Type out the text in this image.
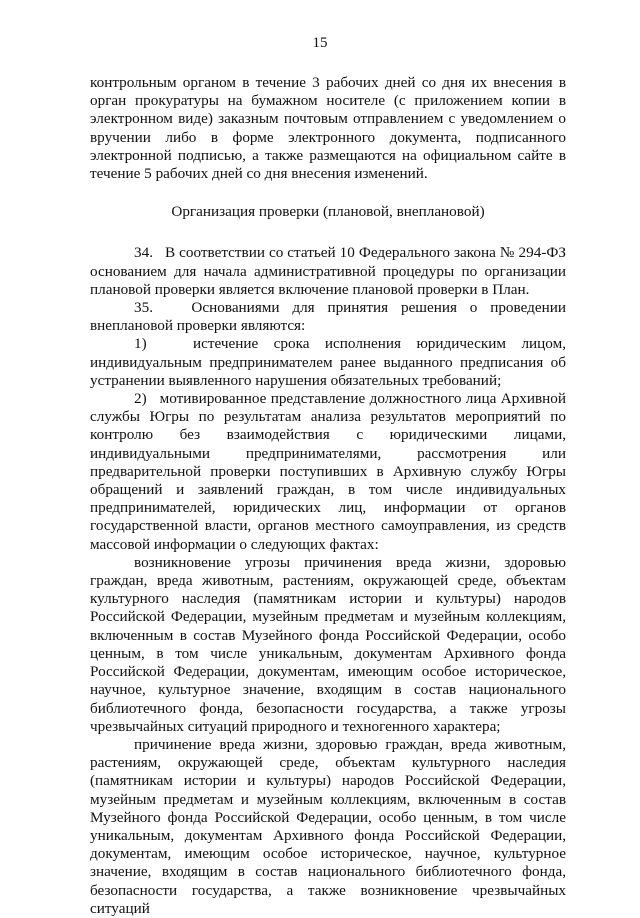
15

контрольным органом в течение 3 рабочих дней со дня их внесения в орган прокуратуры на бумажном носителе (с приложением копии в электронном виде) заказным почтовым отправлением с уведомлением о вручении либо в форме электронного документа, подписанного электронной подписью, а также размещаются на официальном сайте в течение 5 рабочих дней со дня внесения изменений.

Организация проверки (плановой, внеплановой)

34.   В соответствии со статьей 10 Федерального закона № 294-ФЗ основанием для начала административной процедуры по организации плановой проверки является включение плановой проверки в План.

35.   Основаниями для принятия решения о проведении внеплановой проверки являются:

1)   истечение срока исполнения юридическим лицом, индивидуальным предпринимателем ранее выданного предписания об устранении выявленного нарушения обязательных требований;

2)   мотивированное представление должностного лица Архивной службы Югры по результатам анализа результатов мероприятий по контролю без взаимодействия с юридическими лицами, индивидуальными предпринимателями, рассмотрения или предварительной проверки поступивших в Архивную службу Югры обращений и заявлений граждан, в том числе индивидуальных предпринимателей, юридических лиц, информации от органов государственной власти, органов местного самоуправления, из средств массовой информации о следующих фактах:

возникновение угрозы причинения вреда жизни, здоровью граждан, вреда животным, растениям, окружающей среде, объектам культурного наследия (памятникам истории и культуры) народов Российской Федерации, музейным предметам и музейным коллекциям, включенным в состав Музейного фонда Российской Федерации, особо ценным, в том числе уникальным, документам Архивного фонда Российской Федерации, документам, имеющим особое историческое, научное, культурное значение, входящим в состав национального библиотечного фонда, безопасности государства, а также угрозы чрезвычайных ситуаций природного и техногенного характера;

причинение вреда жизни, здоровью граждан, вреда животным, растениям, окружающей среде, объектам культурного наследия (памятникам истории и культуры) народов Российской Федерации, музейным предметам и музейным коллекциям, включенным в состав Музейного фонда Российской Федерации, особо ценным, в том числе уникальным, документам Архивного фонда Российской Федерации, документам, имеющим особое историческое, научное, культурное значение, входящим в состав национального библиотечного фонда, безопасности государства, а также возникновение чрезвычайных ситуаций
